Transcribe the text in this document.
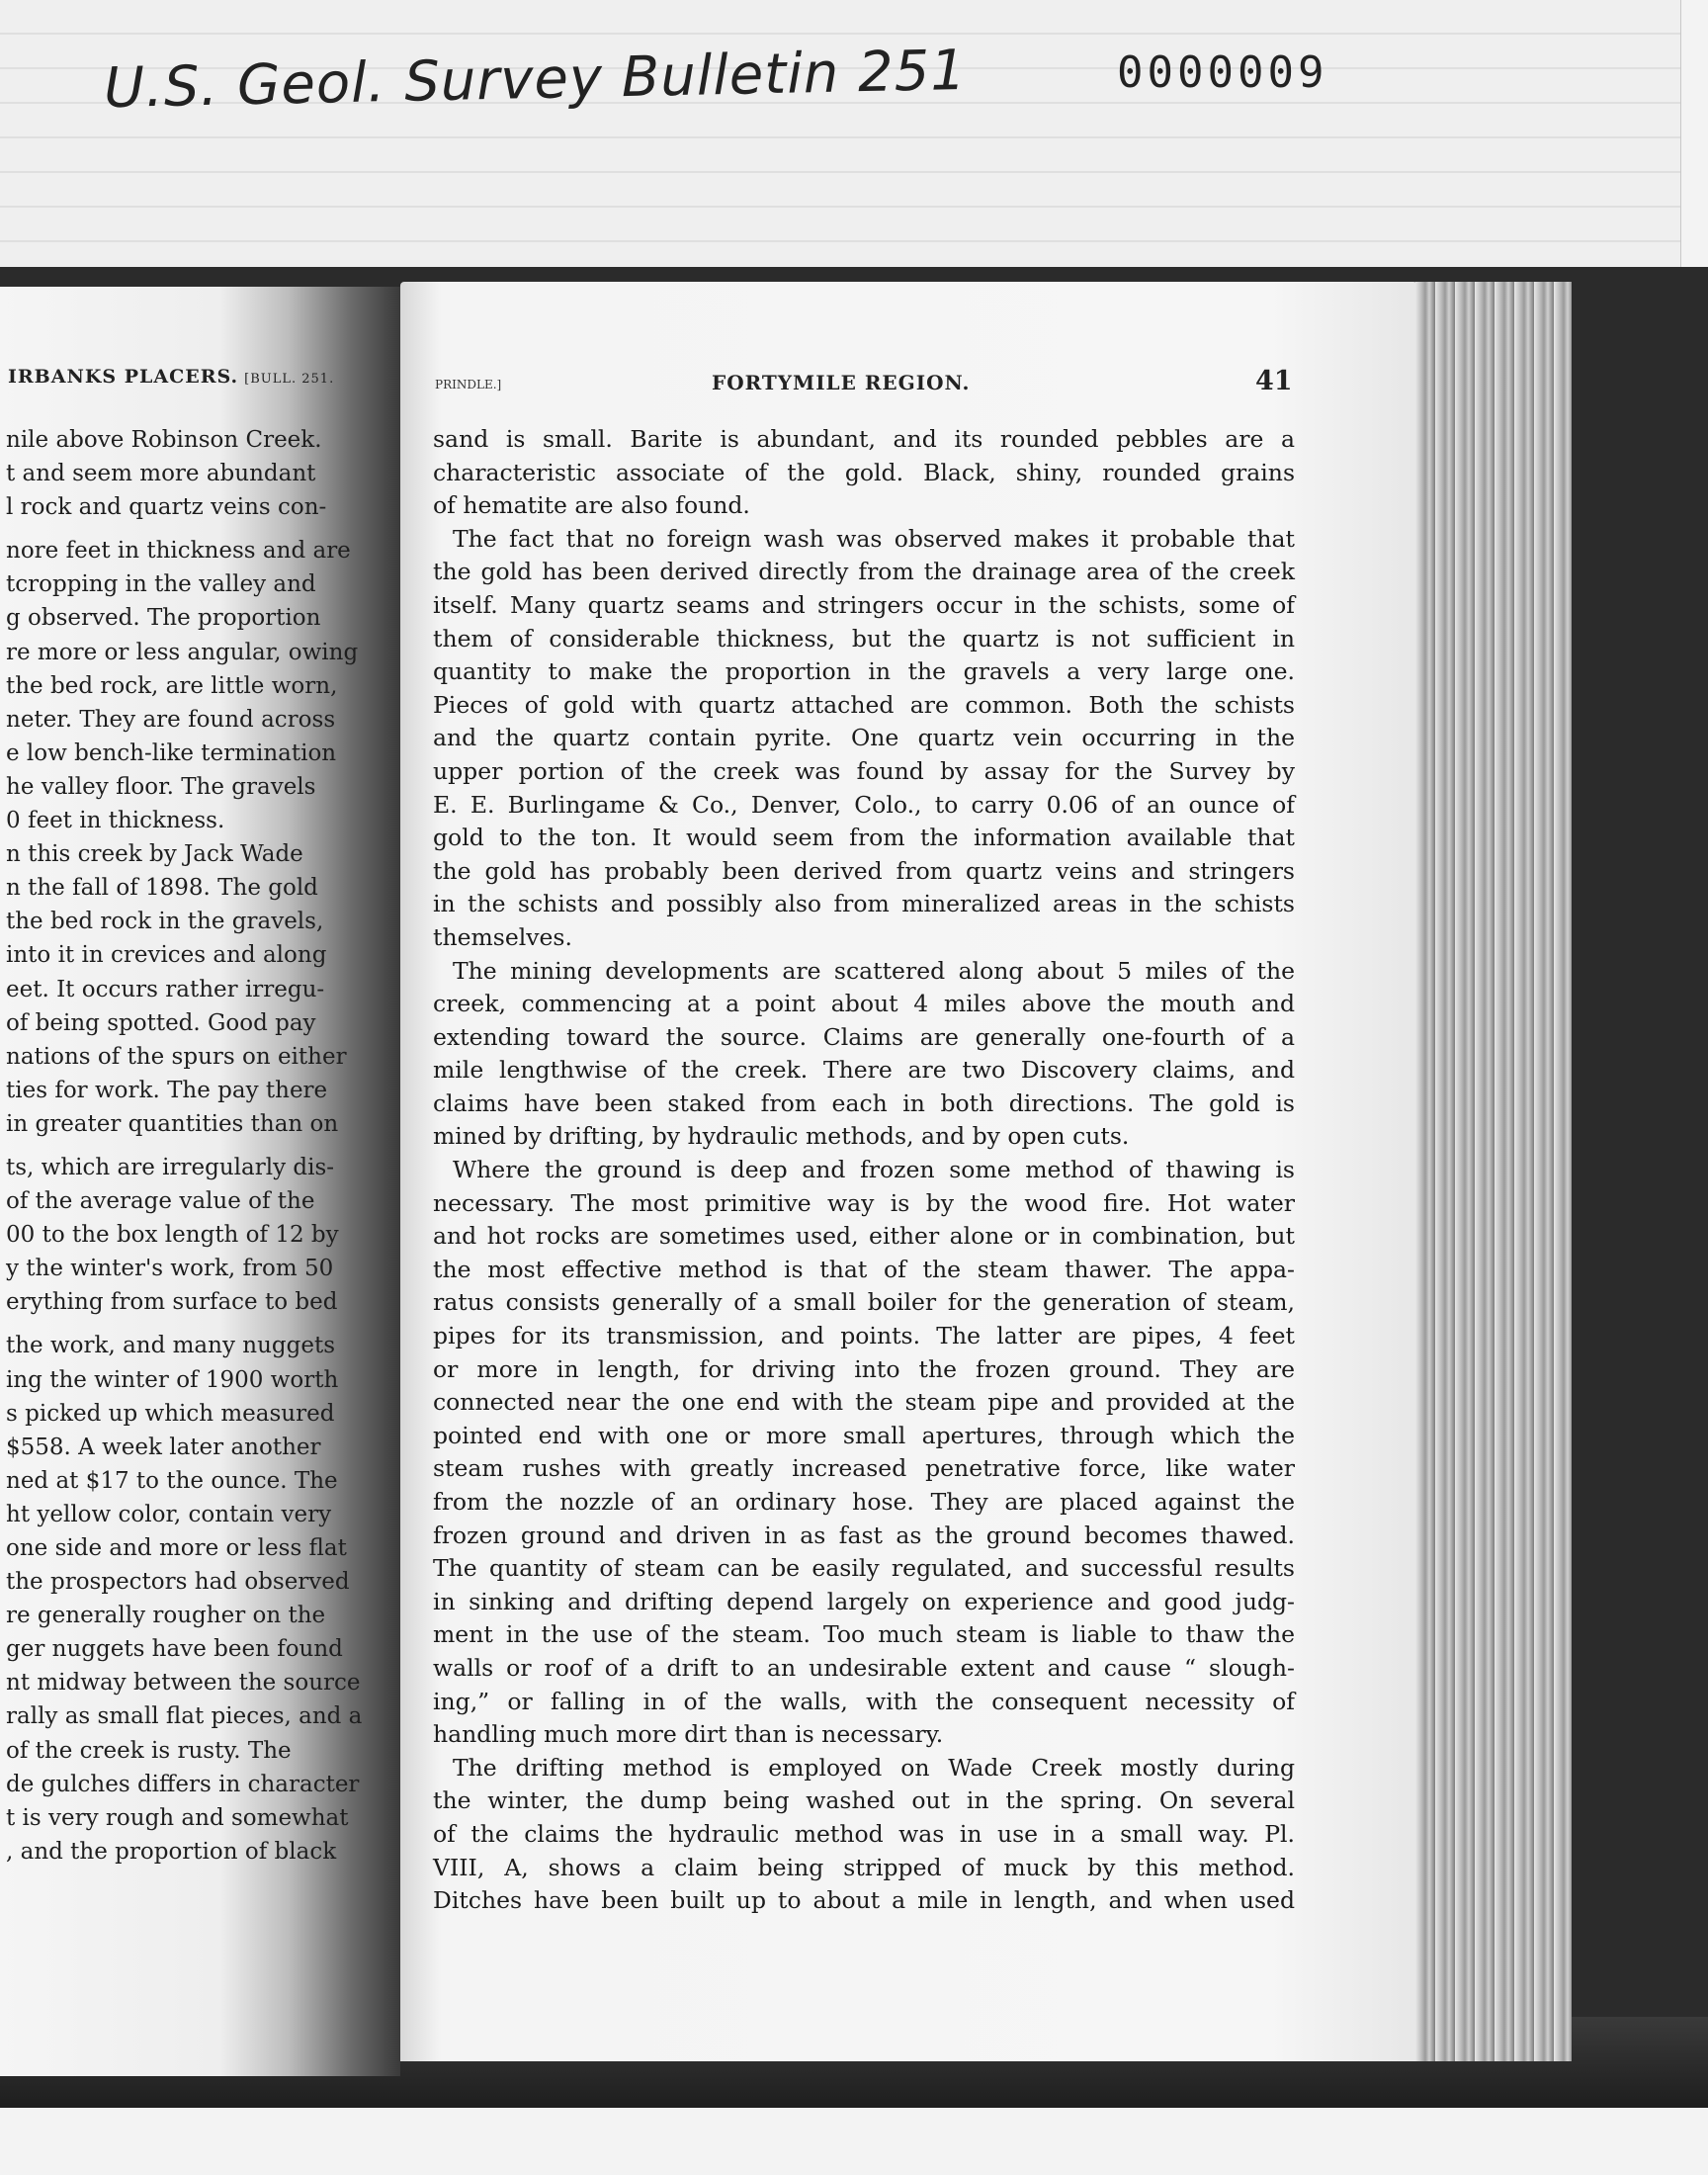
U.S. Geol. Survey Bulletin 251	0000009
IRBANKS PLACERS. [BULL. 251.
nile above Robinson Creek.
t and seem more abundant
l rock and quartz veins con-
nore feet in thickness and are
tcropping in the valley and
g observed. The proportion
re more or less angular, owing
the bed rock, are little worn,
neter. They are found across
e low bench-like termination
he valley floor. The gravels
0 feet in thickness.
n this creek by Jack Wade
n the fall of 1898. The gold
the bed rock in the gravels,
into it in crevices and along
eet. It occurs rather irregu-
of being spotted. Good pay
nations of the spurs on either
ties for work. The pay there
in greater quantities than on
ts, which are irregularly dis-
of the average value of the
00 to the box length of 12 by
y the winter's work, from 50
erything from surface to bed
the work, and many nuggets
ing the winter of 1900 worth
s picked up which measured
$558. A week later another
ned at $17 to the ounce. The
ht yellow color, contain very
one side and more or less flat
the prospectors had observed
re generally rougher on the
ger nuggets have been found
nt midway between the source
rally as small flat pieces, and a
of the creek is rusty. The
de gulches differs in character
t is very rough and somewhat
, and the proportion of black
PRINDLE.]	FORTYMILE REGION.	41
sand is small. Barite is abundant, and its rounded pebbles are a
characteristic associate of the gold. Black, shiny, rounded grains
of hematite are also found.
The fact that no foreign wash was observed makes it probable that
the gold has been derived directly from the drainage area of the creek
itself. Many quartz seams and stringers occur in the schists, some of
them of considerable thickness, but the quartz is not sufficient in
quantity to make the proportion in the gravels a very large one.
Pieces of gold with quartz attached are common. Both the schists
and the quartz contain pyrite. One quartz vein occurring in the
upper portion of the creek was found by assay for the Survey by
E. E. Burlingame & Co., Denver, Colo., to carry 0.06 of an ounce of
gold to the ton. It would seem from the information available that
the gold has probably been derived from quartz veins and stringers
in the schists and possibly also from mineralized areas in the schists
themselves.
The mining developments are scattered along about 5 miles of the
creek, commencing at a point about 4 miles above the mouth and
extending toward the source. Claims are generally one-fourth of a
mile lengthwise of the creek. There are two Discovery claims, and
claims have been staked from each in both directions. The gold is
mined by drifting, by hydraulic methods, and by open cuts.
Where the ground is deep and frozen some method of thawing is
necessary. The most primitive way is by the wood fire. Hot water
and hot rocks are sometimes used, either alone or in combination, but
the most effective method is that of the steam thawer. The appa-
ratus consists generally of a small boiler for the generation of steam,
pipes for its transmission, and points. The latter are pipes, 4 feet
or more in length, for driving into the frozen ground. They are
connected near the one end with the steam pipe and provided at the
pointed end with one or more small apertures, through which the
steam rushes with greatly increased penetrative force, like water
from the nozzle of an ordinary hose. They are placed against the
frozen ground and driven in as fast as the ground becomes thawed.
The quantity of steam can be easily regulated, and successful results
in sinking and drifting depend largely on experience and good judg-
ment in the use of the steam. Too much steam is liable to thaw the
walls or roof of a drift to an undesirable extent and cause “ slough-
ing,” or falling in of the walls, with the consequent necessity of
handling much more dirt than is necessary.
The drifting method is employed on Wade Creek mostly during
the winter, the dump being washed out in the spring. On several
of the claims the hydraulic method was in use in a small way. Pl.
VIII, A, shows a claim being stripped of muck by this method.
Ditches have been built up to about a mile in length, and when used
